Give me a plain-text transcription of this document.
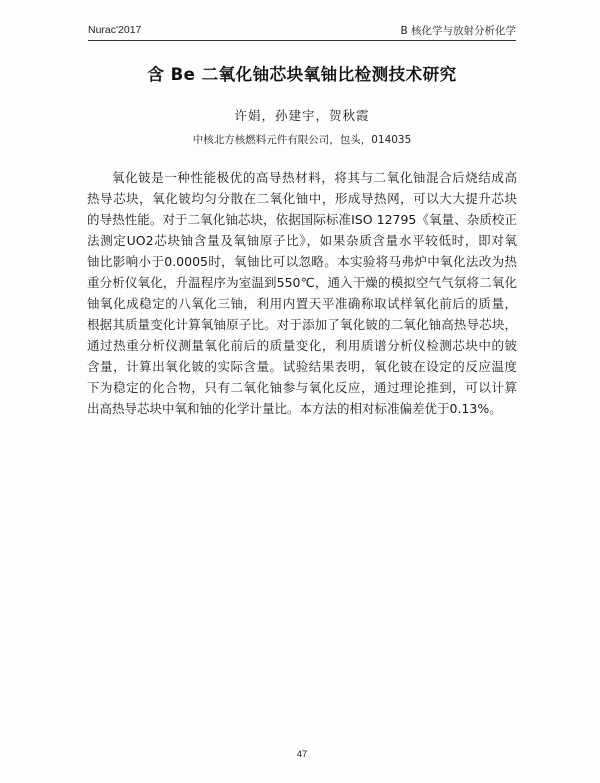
Nurac'2017	B 核化学与放射分析化学
含 Be 二氧化铀芯块氧铀比检测技术研究
许娟，孙建宇，贺秋霞
中核北方核燃料元件有限公司，包头，014035
氧化铍是一种性能极优的高导热材料，将其与二氧化铀混合后烧结成高
热导芯块，氧化铍均匀分散在二氧化铀中，形成导热网，可以大大提升芯块
的导热性能。对于二氧化铀芯块，依据国际标准ISO 12795《氧量、杂质校正
法测定UO2芯块铀含量及氧铀原子比》，如果杂质含量水平较低时，即对氧
铀比影响小于0.0005时，氧铀比可以忽略。本实验将马弗炉中氧化法改为热
重分析仪氧化，升温程序为室温到550℃，通入干燥的模拟空气气氛将二氧化
铀氧化成稳定的八氧化三铀，利用内置天平准确称取试样氧化前后的质量，
根据其质量变化计算氧铀原子比。对于添加了氧化铍的二氧化铀高热导芯块，
通过热重分析仪测量氧化前后的质量变化，利用质谱分析仪检测芯块中的铍
含量，计算出氧化铍的实际含量。试验结果表明，氧化铍在设定的反应温度
下为稳定的化合物，只有二氧化铀参与氧化反应，通过理论推到，可以计算
出高热导芯块中氧和铀的化学计量比。本方法的相对标准偏差优于0.13%。
47
